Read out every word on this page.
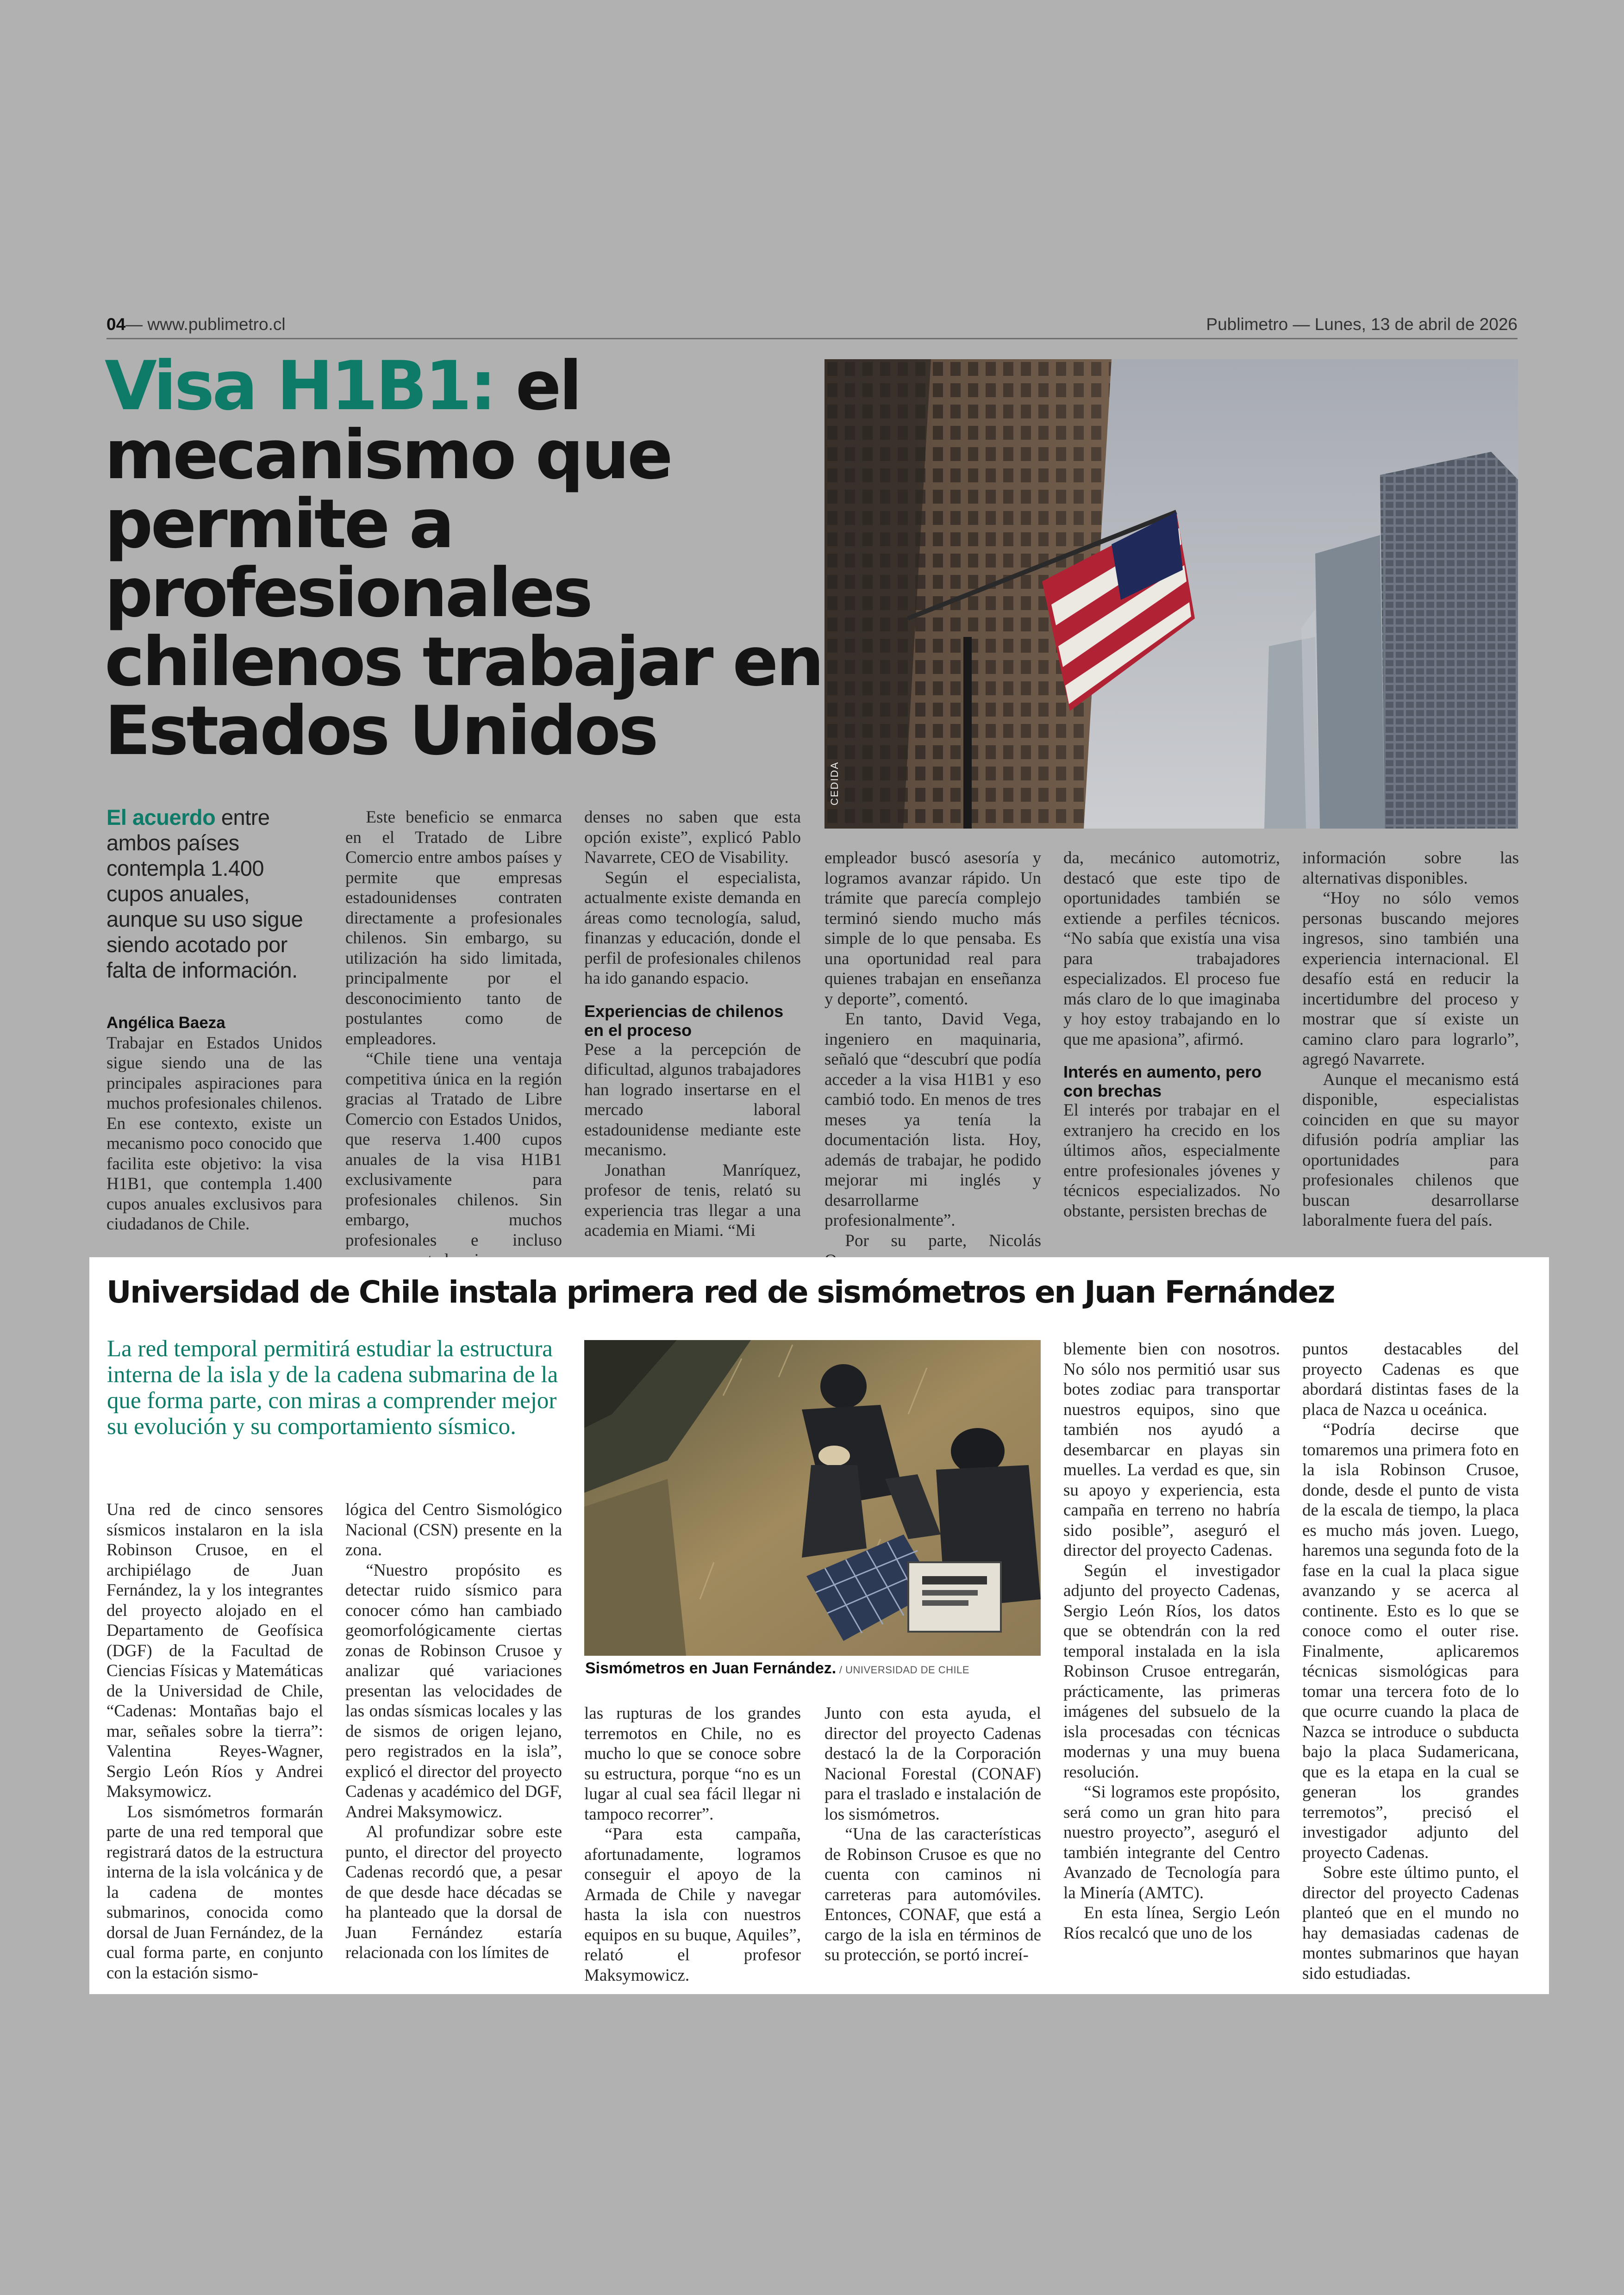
04— www.publimetro.cl	Publimetro — Lunes, 13 de abril de 2026
Visa H1B1: el mecanismo que permite a profesionales chilenos trabajar en Estados Unidos
CEDIDA
El acuerdo entre ambos países contempla 1.400 cupos anuales, aunque su uso sigue siendo acotado por falta de información.
Angélica Baeza

Trabajar en Estados Unidos sigue siendo una de las principales aspiraciones para muchos profesionales chilenos. En ese contexto, existe un mecanismo poco conocido que facilita este objetivo: la visa H1B1, que contempla 1.400 cupos anuales exclusivos para ciudadanos de Chile.

Este beneficio se enmarca en el Tratado de Libre Comercio entre ambos países y permite que empresas estadounidenses contraten directamente a profesionales chilenos. Sin embargo, su utilización ha sido limitada, principalmente por el desconocimiento tanto de postulantes como de empleadores.

“Chile tiene una ventaja competitiva única en la región gracias al Tratado de Libre Comercio con Estados Unidos, que reserva 1.400 cupos anuales de la visa H1B1 exclusivamente para profesionales chilenos. Sin embargo, muchos profesionales e incluso

denses no saben que esta opción existe”, explicó Pablo Navarrete, CEO de Visability.

Según el especialista, actualmente existe demanda en áreas como tecnología, salud, finanzas y educación, donde el perfil de profesionales chilenos ha ido ganando espacio.

Experiencias de chilenos en el proceso

Pese a la percepción de dificultad, algunos trabajadores han logrado insertarse en el mercado laboral estadounidense mediante este mecanismo.

Jonathan Manríquez, profesor de tenis, relató su experiencia tras llegar a una academia en Miami. “Mi

empleador buscó asesoría y logramos avanzar rápido. Un trámite que parecía complejo terminó siendo mucho más simple de lo que pensaba. Es una oportunidad real para quienes trabajan en enseñanza y deporte”, comentó.

En tanto, David Vega, ingeniero en maquinaria, señaló que “descubrí que podía acceder a la visa H1B1 y eso cambió todo. En menos de tres meses ya tenía la documentación lista. Hoy, además de trabajar, he podido mejorar mi inglés y desarrollarme profesionalmente”.

Por su parte, Nicolás

da, mecánico automotriz, destacó que este tipo de oportunidades también se extiende a perfiles técnicos. “No sabía que existía una visa para trabajadores especializados. El proceso fue más claro de lo que imaginaba y hoy estoy trabajando en lo que me apasiona”, afirmó.

Interés en aumento, pero con brechas

El interés por trabajar en el extranjero ha crecido en los últimos años, especialmente entre profesionales jóvenes y técnicos especializados. No obstante, persisten brechas de

información sobre las alternativas disponibles.

“Hoy no sólo vemos personas buscando mejores ingresos, sino también una experiencia internacional. El desafío está en reducir la incertidumbre del proceso y mostrar que sí existe un camino claro para lograrlo”, agregó Navarrete.

Aunque el mecanismo está disponible, especialistas coinciden en que su mayor difusión podría ampliar las oportunidades para profesionales chilenos que buscan desarrollarse laboralmente fuera del país.

Universidad de Chile instala primera red de sismómetros en Juan Fernández
La red temporal permitirá estudiar la estructura interna de la isla y de la cadena submarina de la que forma parte, con miras a comprender mejor su evolución y su comportamiento sísmico.
Sismómetros en Juan Fernández. / UNIVERSIDAD DE CHILE

Una red de cinco sensores sísmicos instalaron en la isla Robinson Crusoe, en el archipiélago de Juan Fernández, la y los integrantes del proyecto alojado en el Departamento de Geofísica (DGF) de la Facultad de Ciencias Físicas y Matemáticas de la Universidad de Chile, “Cadenas: Montañas bajo el mar, señales sobre la tierra”: Valentina Reyes-Wagner, Sergio León Ríos y Andrei Maksymowicz.

Los sismómetros formarán parte de una red temporal que registrará datos de la estructura interna de la isla volcánica y de la cadena de montes submarinos, conocida como dorsal de Juan Fernández, de la cual forma parte, en conjunto con la estación sismo-

lógica del Centro Sismológico Nacional (CSN) presente en la zona.

“Nuestro propósito es detectar ruido sísmico para conocer cómo han cambiado geomorfológicamente ciertas zonas de Robinson Crusoe y analizar qué variaciones presentan las velocidades de las ondas sísmicas locales y las de sismos de origen lejano, pero registrados en la isla”, explicó el director del proyecto Cadenas y académico del DGF, Andrei Maksymowicz.

Al profundizar sobre este punto, el director del proyecto Cadenas recordó que, a pesar de que desde hace décadas se ha planteado que la dorsal de Juan Fernández estaría relacionada con los límites de

las rupturas de los grandes terremotos en Chile, no es mucho lo que se conoce sobre su estructura, porque “no es un lugar al cual sea fácil llegar ni tampoco recorrer”.

“Para esta campaña, afortunadamente, logramos conseguir el apoyo de la Armada de Chile y navegar hasta la isla con nuestros equipos en su buque, Aquiles”, relató el profesor Maksymowicz.

Junto con esta ayuda, el director del proyecto Cadenas destacó la de la Corporación Nacional Forestal (CONAF) para el traslado e instalación de los sismómetros.

“Una de las características de Robinson Crusoe es que no cuenta con caminos ni carreteras para automóviles. Entonces, CONAF, que está a cargo de la isla en términos de su protección, se portó increí-

blemente bien con nosotros. No sólo nos permitió usar sus botes zodiac para transportar nuestros equipos, sino que también nos ayudó a desembarcar en playas sin muelles. La verdad es que, sin su apoyo y experiencia, esta campaña en terreno no habría sido posible”, aseguró el director del proyecto Cadenas.

Según el investigador adjunto del proyecto Cadenas, Sergio León Ríos, los datos que se obtendrán con la red temporal instalada en la isla Robinson Crusoe entregarán, prácticamente, las primeras imágenes del subsuelo de la isla procesadas con técnicas modernas y una muy buena resolución.

“Si logramos este propósito, será como un gran hito para nuestro proyecto”, aseguró el también integrante del Centro Avanzado de Tecnología para la Minería (AMTC).

En esta línea, Sergio León Ríos recalcó que uno de los

puntos destacables del proyecto Cadenas es que abordará distintas fases de la placa de Nazca u oceánica.

“Podría decirse que tomaremos una primera foto en la isla Robinson Crusoe, donde, desde el punto de vista de la escala de tiempo, la placa es mucho más joven. Luego, haremos una segunda foto de la fase en la cual la placa sigue avanzando y se acerca al continente. Esto es lo que se conoce como el outer rise. Finalmente, aplicaremos técnicas sismológicas para tomar una tercera foto de lo que ocurre cuando la placa de Nazca se introduce o subducta bajo la placa Sudamericana, que es la etapa en la cual se generan los grandes terremotos”, precisó el investigador adjunto del proyecto Cadenas.

Sobre este último punto, el director del proyecto Cadenas planteó que en el mundo no hay demasiadas cadenas de montes submarinos que hayan sido estudiadas.
